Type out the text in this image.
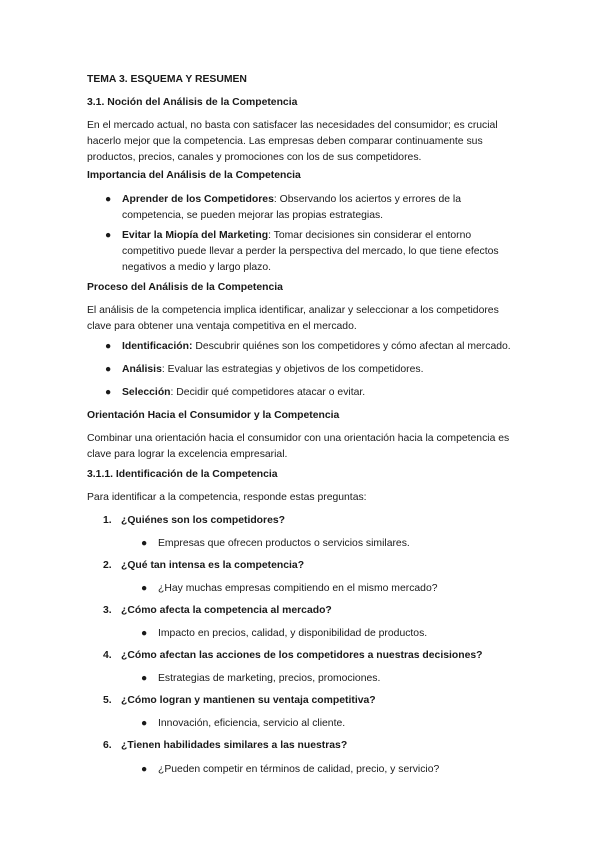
TEMA 3. ESQUEMA Y RESUMEN

3.1. Noción del Análisis de la Competencia

En el mercado actual, no basta con satisfacer las necesidades del consumidor; es crucial hacerlo mejor que la competencia. Las empresas deben comparar continuamente sus productos, precios, canales y promociones con los de sus competidores.

Importancia del Análisis de la Competencia

● Aprender de los Competidores: Observando los aciertos y errores de la competencia, se pueden mejorar las propias estrategias.
● Evitar la Miopía del Marketing: Tomar decisiones sin considerar el entorno competitivo puede llevar a perder la perspectiva del mercado, lo que tiene efectos negativos a medio y largo plazo.

Proceso del Análisis de la Competencia

El análisis de la competencia implica identificar, analizar y seleccionar a los competidores clave para obtener una ventaja competitiva en el mercado.

● Identificación: Descubrir quiénes son los competidores y cómo afectan al mercado.
● Análisis: Evaluar las estrategias y objetivos de los competidores.
● Selección: Decidir qué competidores atacar o evitar.

Orientación Hacia el Consumidor y la Competencia

Combinar una orientación hacia el consumidor con una orientación hacia la competencia es clave para lograr la excelencia empresarial.

3.1.1. Identificación de la Competencia

Para identificar a la competencia, responde estas preguntas:

1. ¿Quiénes son los competidores?
● Empresas que ofrecen productos o servicios similares.
2. ¿Qué tan intensa es la competencia?
● ¿Hay muchas empresas compitiendo en el mismo mercado?
3. ¿Cómo afecta la competencia al mercado?
● Impacto en precios, calidad, y disponibilidad de productos.
4. ¿Cómo afectan las acciones de los competidores a nuestras decisiones?
● Estrategias de marketing, precios, promociones.
5. ¿Cómo logran y mantienen su ventaja competitiva?
● Innovación, eficiencia, servicio al cliente.
6. ¿Tienen habilidades similares a las nuestras?
● ¿Pueden competir en términos de calidad, precio, y servicio?
